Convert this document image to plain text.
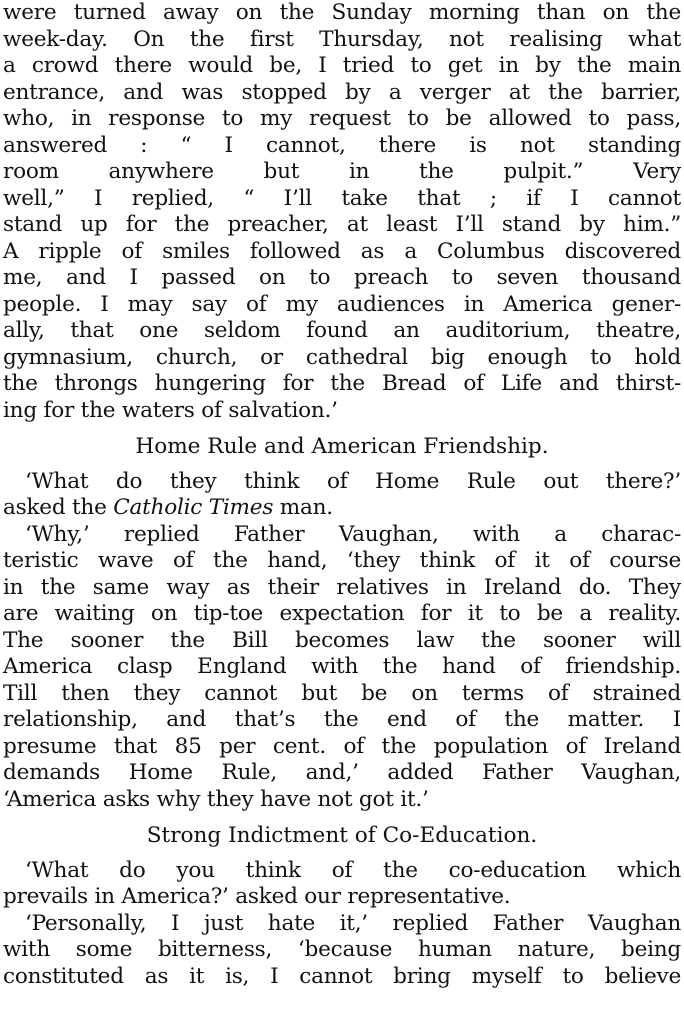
were turned away on the Sunday morning than on the
week-day. On the first Thursday, not realising what
a crowd there would be, I tried to get in by the main
entrance, and was stopped by a verger at the barrier,
who, in response to my request to be allowed to pass,
answered : “ I cannot, there is not standing
room anywhere but in the pulpit.” Very
well,” I replied, “ I’ll take that ; if I cannot
stand up for the preacher, at least I’ll stand by him.”
A ripple of smiles followed as a Columbus discovered
me, and I passed on to preach to seven thousand
people. I may say of my audiences in America gener-
ally, that one seldom found an auditorium, theatre,
gymnasium, church, or cathedral big enough to hold
the throngs hungering for the Bread of Life and thirst-
ing for the waters of salvation.’
Home Rule and American Friendship.
‘What do they think of Home Rule out there?’
asked the Catholic Times man.
‘Why,’ replied Father Vaughan, with a charac-
teristic wave of the hand, ‘they think of it of course
in the same way as their relatives in Ireland do. They
are waiting on tip-toe expectation for it to be a reality.
The sooner the Bill becomes law the sooner will
America clasp England with the hand of friendship.
Till then they cannot but be on terms of strained
relationship, and that’s the end of the matter. I
presume that 85 per cent. of the population of Ireland
demands Home Rule, and,’ added Father Vaughan,
‘America asks why they have not got it.’
Strong Indictment of Co-Education.
‘What do you think of the co-education which
prevails in America?’ asked our representative.
‘Personally, I just hate it,’ replied Father Vaughan
with some bitterness, ‘because human nature, being
constituted as it is, I cannot bring myself to believe
